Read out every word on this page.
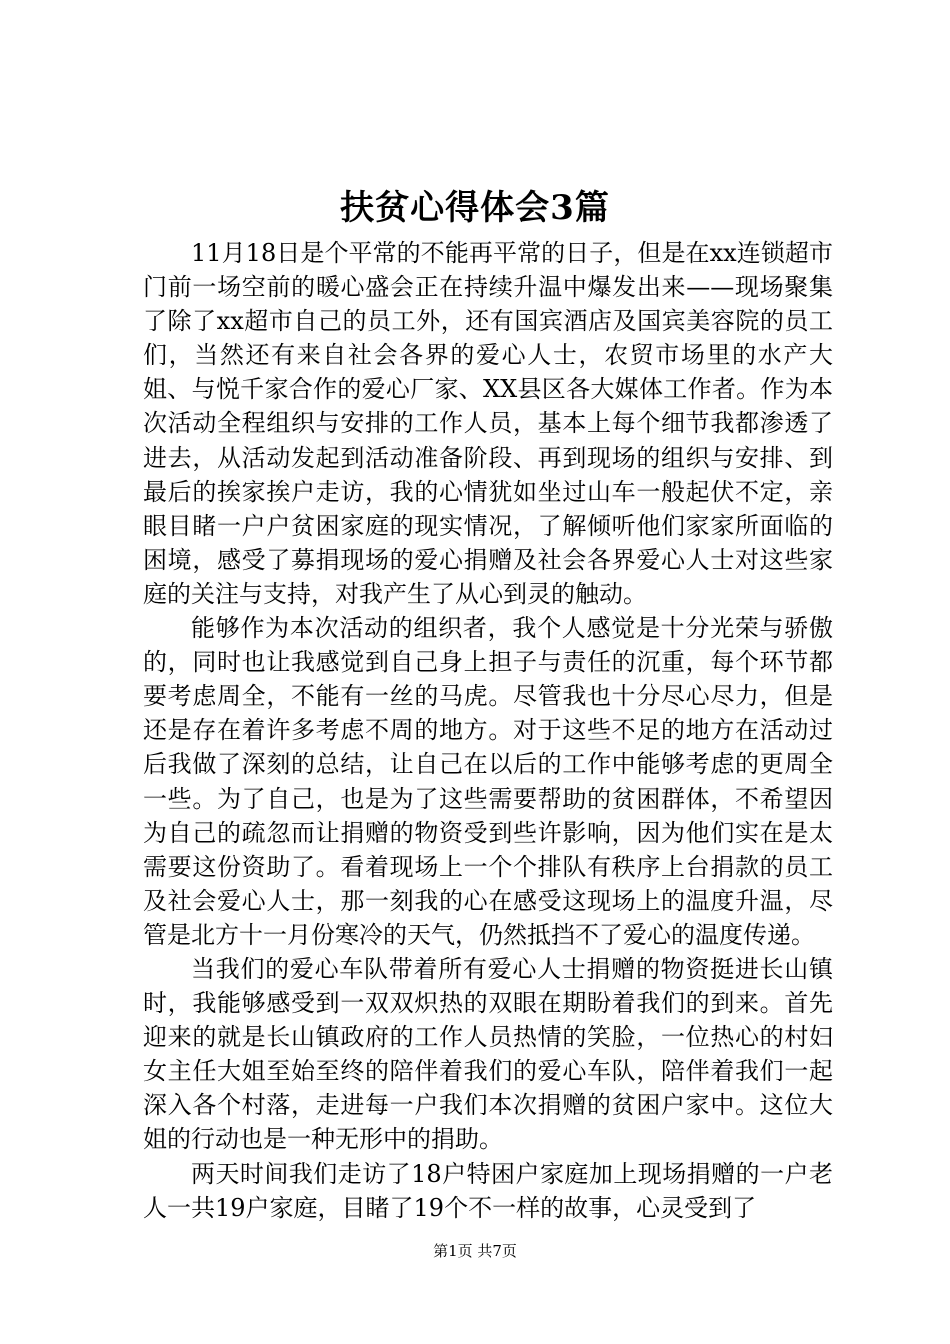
扶贫心得体会3篇

11月18日是个平常的不能再平常的日子，但是在xx连锁超市门前一场空前的暖心盛会正在持续升温中爆发出来——现场聚集了除了xx超市自己的员工外，还有国宾酒店及国宾美容院的员工们，当然还有来自社会各界的爱心人士，农贸市场里的水产大姐、与悦千家合作的爱心厂家、XX县区各大媒体工作者。作为本次活动全程组织与安排的工作人员，基本上每个细节我都渗透了进去，从活动发起到活动准备阶段、再到现场的组织与安排、到最后的挨家挨户走访，我的心情犹如坐过山车一般起伏不定，亲眼目睹一户户贫困家庭的现实情况，了解倾听他们家家所面临的困境，感受了募捐现场的爱心捐赠及社会各界爱心人士对这些家庭的关注与支持，对我产生了从心到灵的触动。

能够作为本次活动的组织者，我个人感觉是十分光荣与骄傲的，同时也让我感觉到自己身上担子与责任的沉重，每个环节都要考虑周全，不能有一丝的马虎。尽管我也十分尽心尽力，但是还是存在着许多考虑不周的地方。对于这些不足的地方在活动过后我做了深刻的总结，让自己在以后的工作中能够考虑的更周全一些。为了自己，也是为了这些需要帮助的贫困群体，不希望因为自己的疏忽而让捐赠的物资受到些许影响，因为他们实在是太需要这份资助了。看着现场上一个个排队有秩序上台捐款的员工及社会爱心人士，那一刻我的心在感受这现场上的温度升温，尽管是北方十一月份寒冷的天气，仍然抵挡不了爱心的温度传递。

当我们的爱心车队带着所有爱心人士捐赠的物资挺进长山镇时，我能够感受到一双双炽热的双眼在期盼着我们的到来。首先迎来的就是长山镇政府的工作人员热情的笑脸，一位热心的村妇女主任大姐至始至终的陪伴着我们的爱心车队，陪伴着我们一起深入各个村落，走进每一户我们本次捐赠的贫困户家中。这位大姐的行动也是一种无形中的捐助。

两天时间我们走访了18户特困户家庭加上现场捐赠的一户老人一共19户家庭，目睹了19个不一样的故事，心灵受到了

第1页 共7页
